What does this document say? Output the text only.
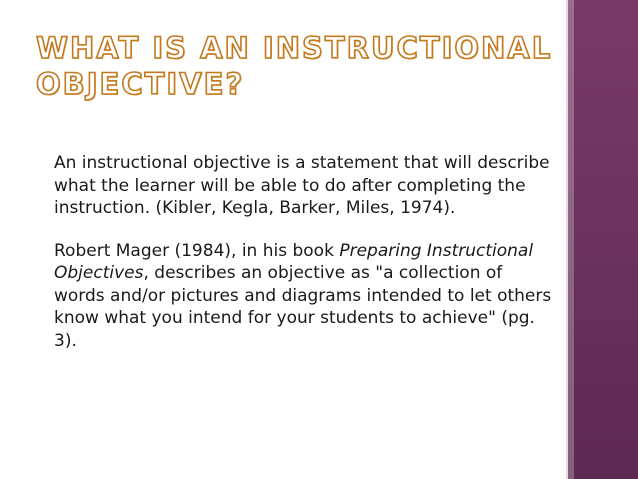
WHAT IS AN INSTRUCTIONAL OBJECTIVE?

An instructional objective is a statement that will describe what the learner will be able to do after completing the instruction. (Kibler, Kegla, Barker, Miles, 1974).

Robert Mager (1984), in his book Preparing Instructional Objectives, describes an objective as "a collection of words and/or pictures and diagrams intended to let others know what you intend for your students to achieve" (pg. 3).
